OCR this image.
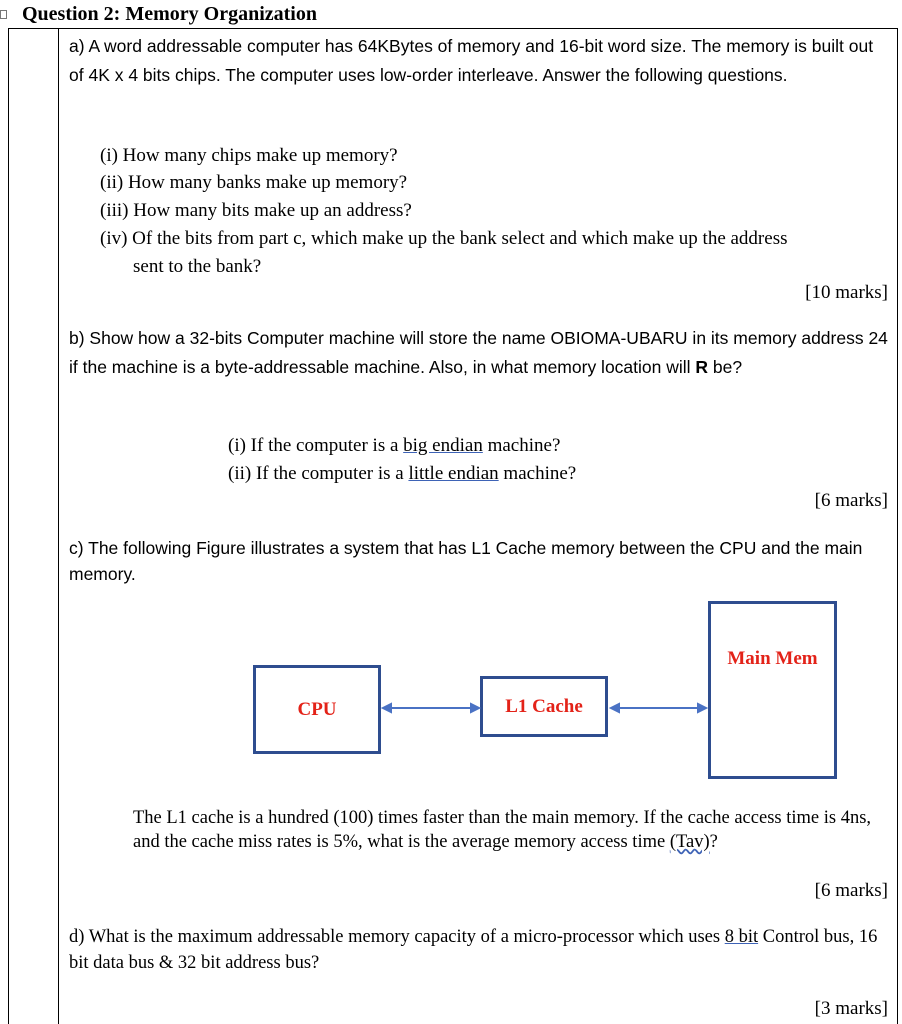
Question 2: Memory Organization

a) A word addressable computer has 64KBytes of memory and 16-bit word size. The memory is built out of 4K x 4 bits chips. The computer uses low-order interleave. Answer the following questions.

(i) How many chips make up memory?
(ii) How many banks make up memory?
(iii) How many bits make up an address?
(iv) Of the bits from part c, which make up the bank select and which make up the address
sent to the bank?
[10 marks]

b) Show how a 32-bits Computer machine will store the name OBIOMA-UBARU in its memory address 24 if the machine is a byte-addressable machine. Also, in what memory location will R be?

(i) If the computer is a big endian machine?
(ii) If the computer is a little endian machine?
[6 marks]

c) The following Figure illustrates a system that has L1 Cache memory between the CPU and the main memory.

CPU	L1 Cache
Main Mem

The L1 cache is a hundred (100) times faster than the main memory. If the cache access time is 4ns, and the cache miss rates is 5%, what is the average memory access time (Tav)?

[6 marks]

d) What is the maximum addressable memory capacity of a micro-processor which uses 8 bit Control bus, 16 bit data bus & 32 bit address bus?

[3 marks]
